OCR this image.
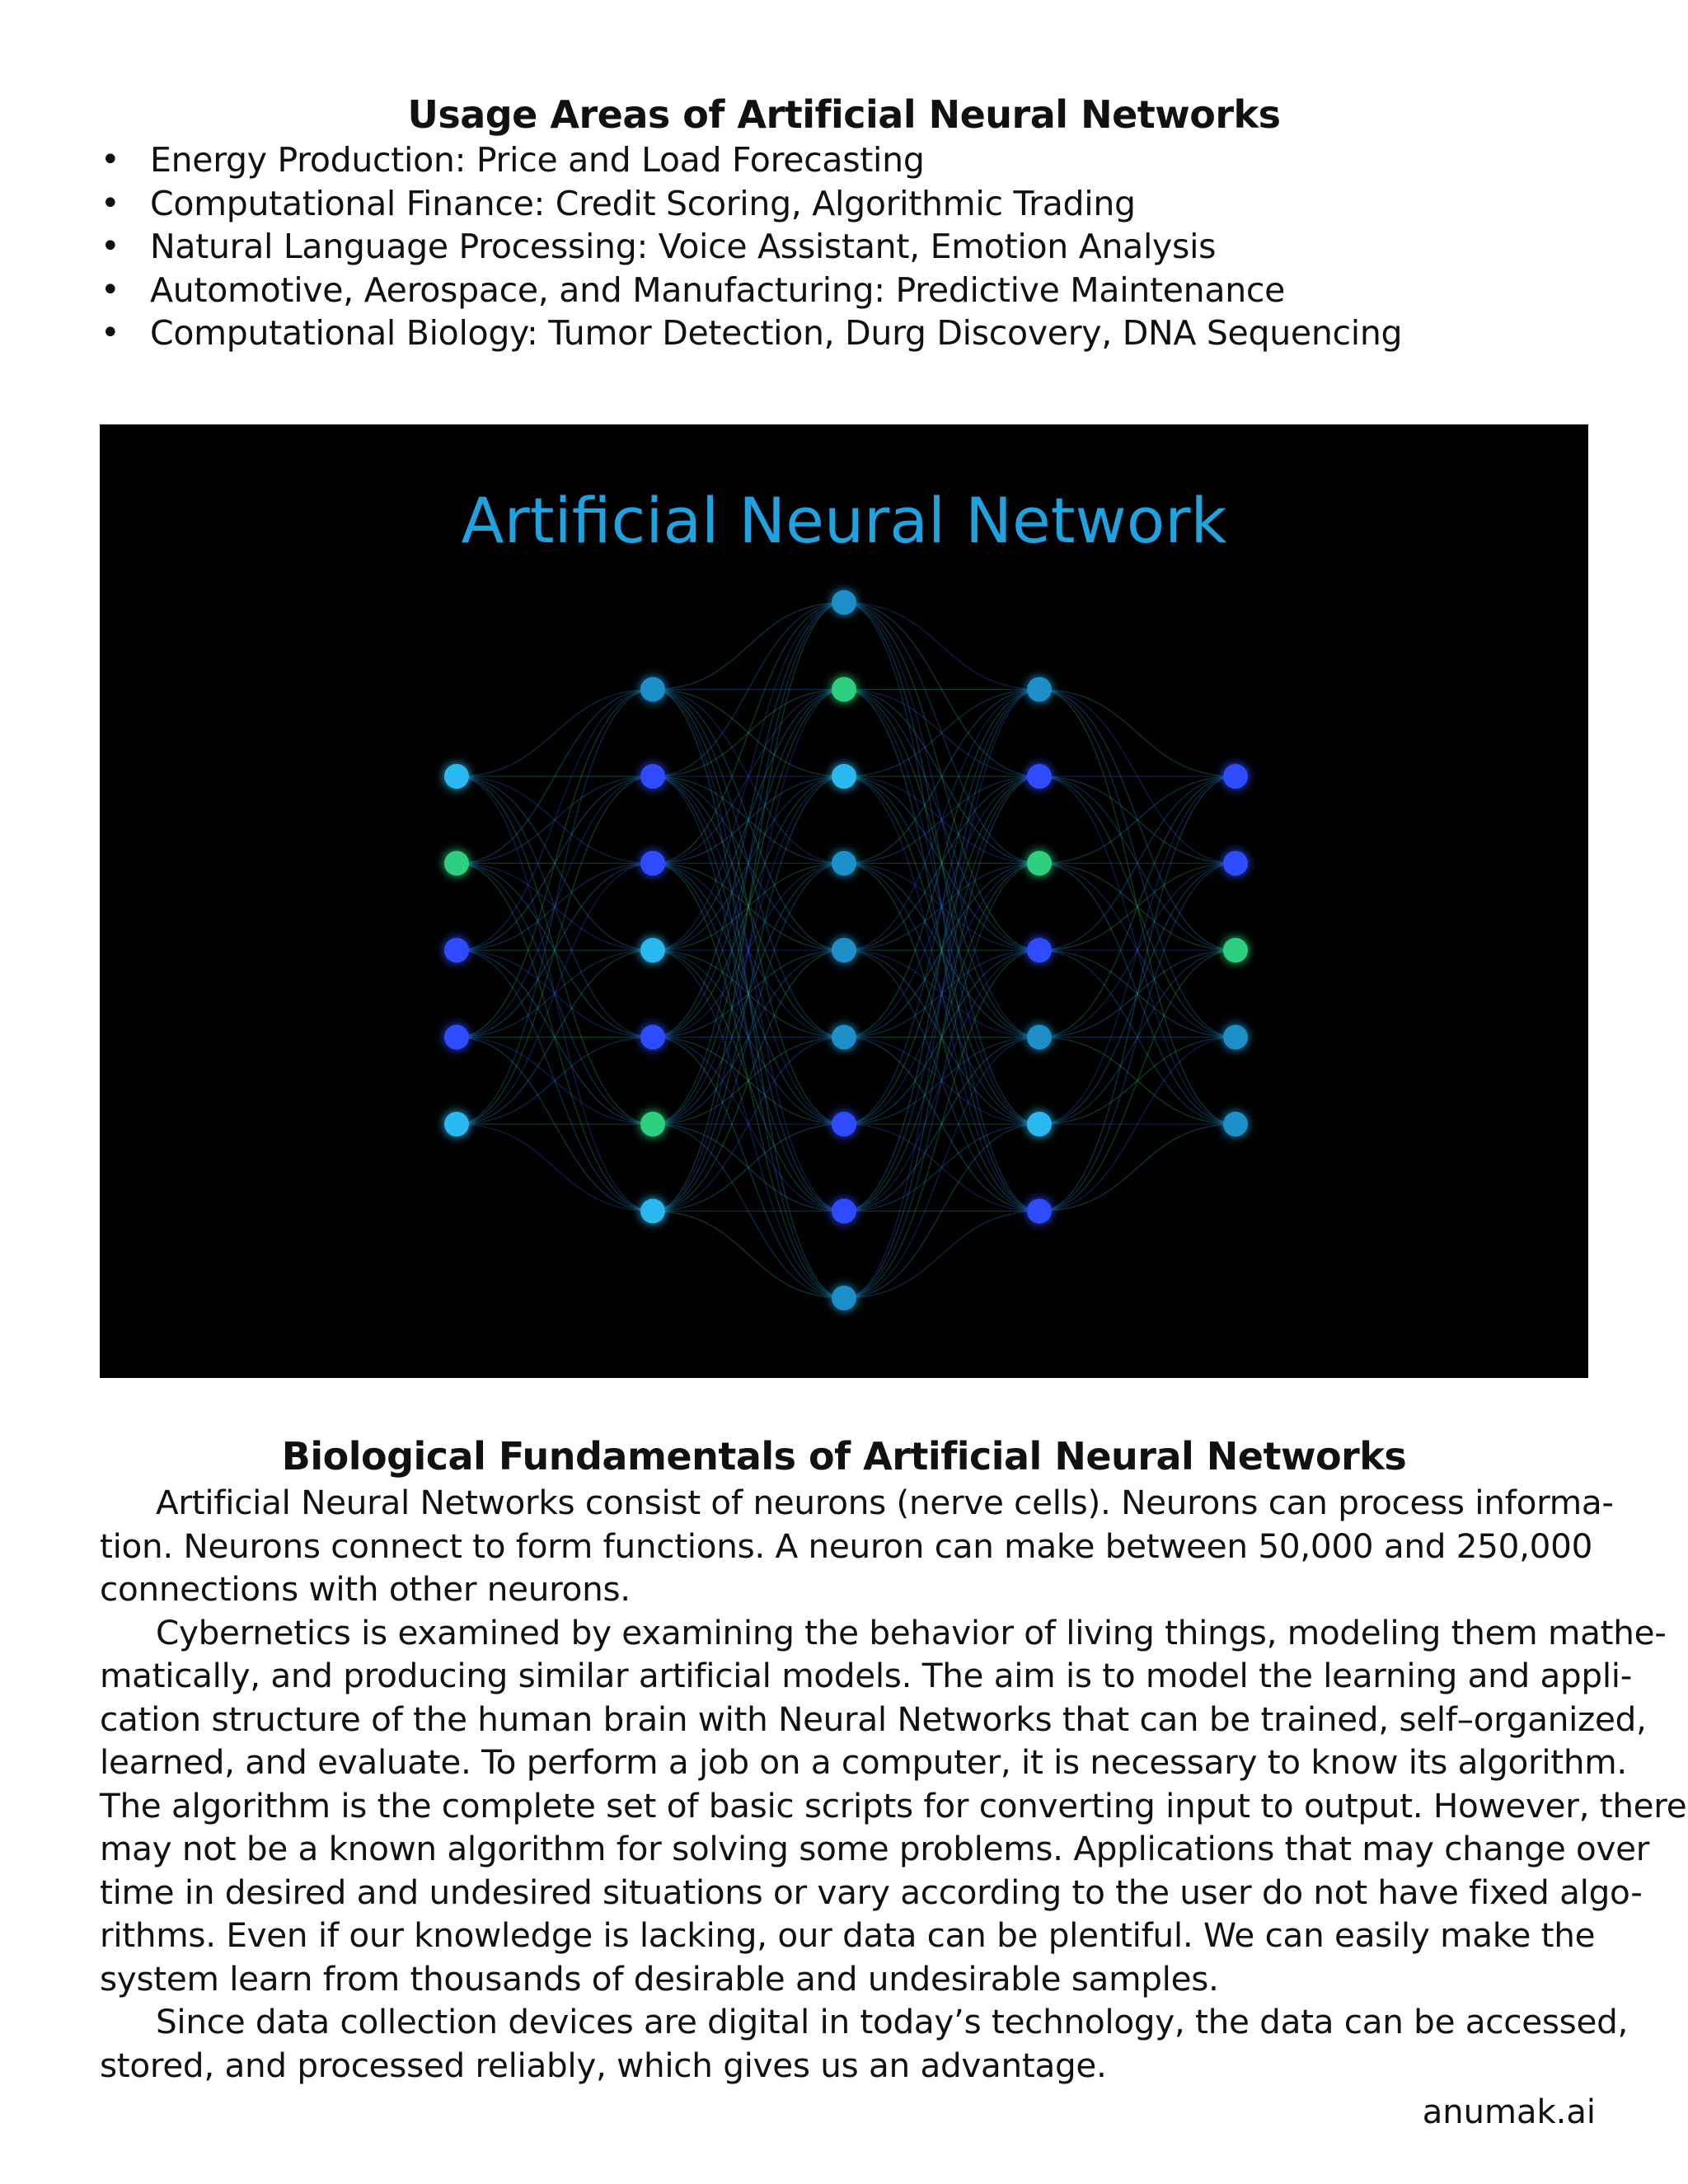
Usage Areas of Artificial Neural Networks
• Energy Production: Price and Load Forecasting
• Computational Finance: Credit Scoring, Algorithmic Trading
• Natural Language Processing: Voice Assistant, Emotion Analysis
• Automotive, Aerospace, and Manufacturing: Predictive Maintenance
• Computational Biology: Tumor Detection, Durg Discovery, DNA Sequencing
Artificial Neural Network
Biological Fundamentals of Artificial Neural Networks
Artificial Neural Networks consist of neurons (nerve cells). Neurons can process informa-
tion. Neurons connect to form functions. A neuron can make between 50,000 and 250,000
connections with other neurons.
Cybernetics is examined by examining the behavior of living things, modeling them mathe-
matically, and producing similar artificial models. The aim is to model the learning and appli-
cation structure of the human brain with Neural Networks that can be trained, self–organized,
learned, and evaluate. To perform a job on a computer, it is necessary to know its algorithm.
The algorithm is the complete set of basic scripts for converting input to output. However, there
may not be a known algorithm for solving some problems. Applications that may change over
time in desired and undesired situations or vary according to the user do not have fixed algo-
rithms. Even if our knowledge is lacking, our data can be plentiful. We can easily make the
system learn from thousands of desirable and undesirable samples.
Since data collection devices are digital in today’s technology, the data can be accessed,
stored, and processed reliably, which gives us an advantage.
anumak.ai
